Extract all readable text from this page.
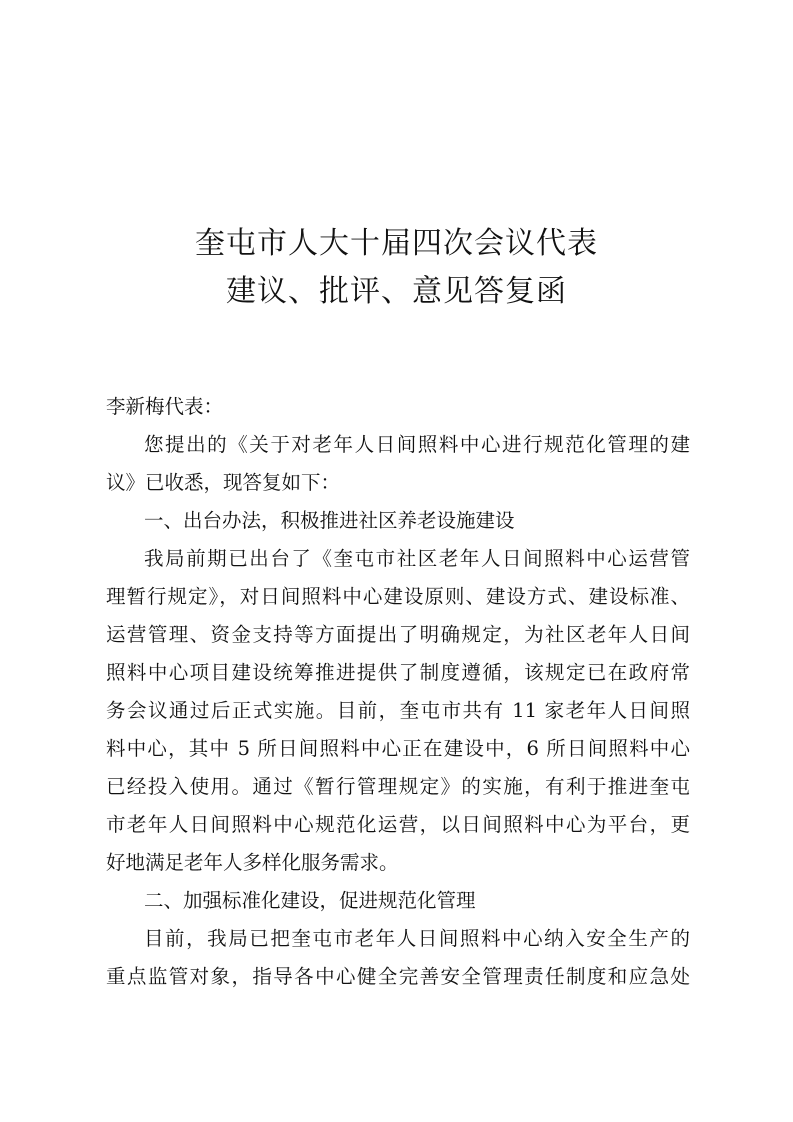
奎屯市人大十届四次会议代表
建议、批评、意见答复函
李新梅代表：
您提出的《关于对老年人日间照料中心进行规范化管理的建
议》已收悉，现答复如下：
一、出台办法，积极推进社区养老设施建设
我局前期已出台了《奎屯市社区老年人日间照料中心运营管
理暂行规定》，对日间照料中心建设原则、建设方式、建设标准、
运营管理、资金支持等方面提出了明确规定，为社区老年人日间
照料中心项目建设统筹推进提供了制度遵循，该规定已在政府常
务会议通过后正式实施。目前，奎屯市共有 11 家老年人日间照
料中心，其中 5 所日间照料中心正在建设中，6 所日间照料中心
已经投入使用。通过《暂行管理规定》的实施，有利于推进奎屯
市老年人日间照料中心规范化运营，以日间照料中心为平台，更
好地满足老年人多样化服务需求。
二、加强标准化建设，促进规范化管理
目前，我局已把奎屯市老年人日间照料中心纳入安全生产的
重点监管对象，指导各中心健全完善安全管理责任制度和应急处
